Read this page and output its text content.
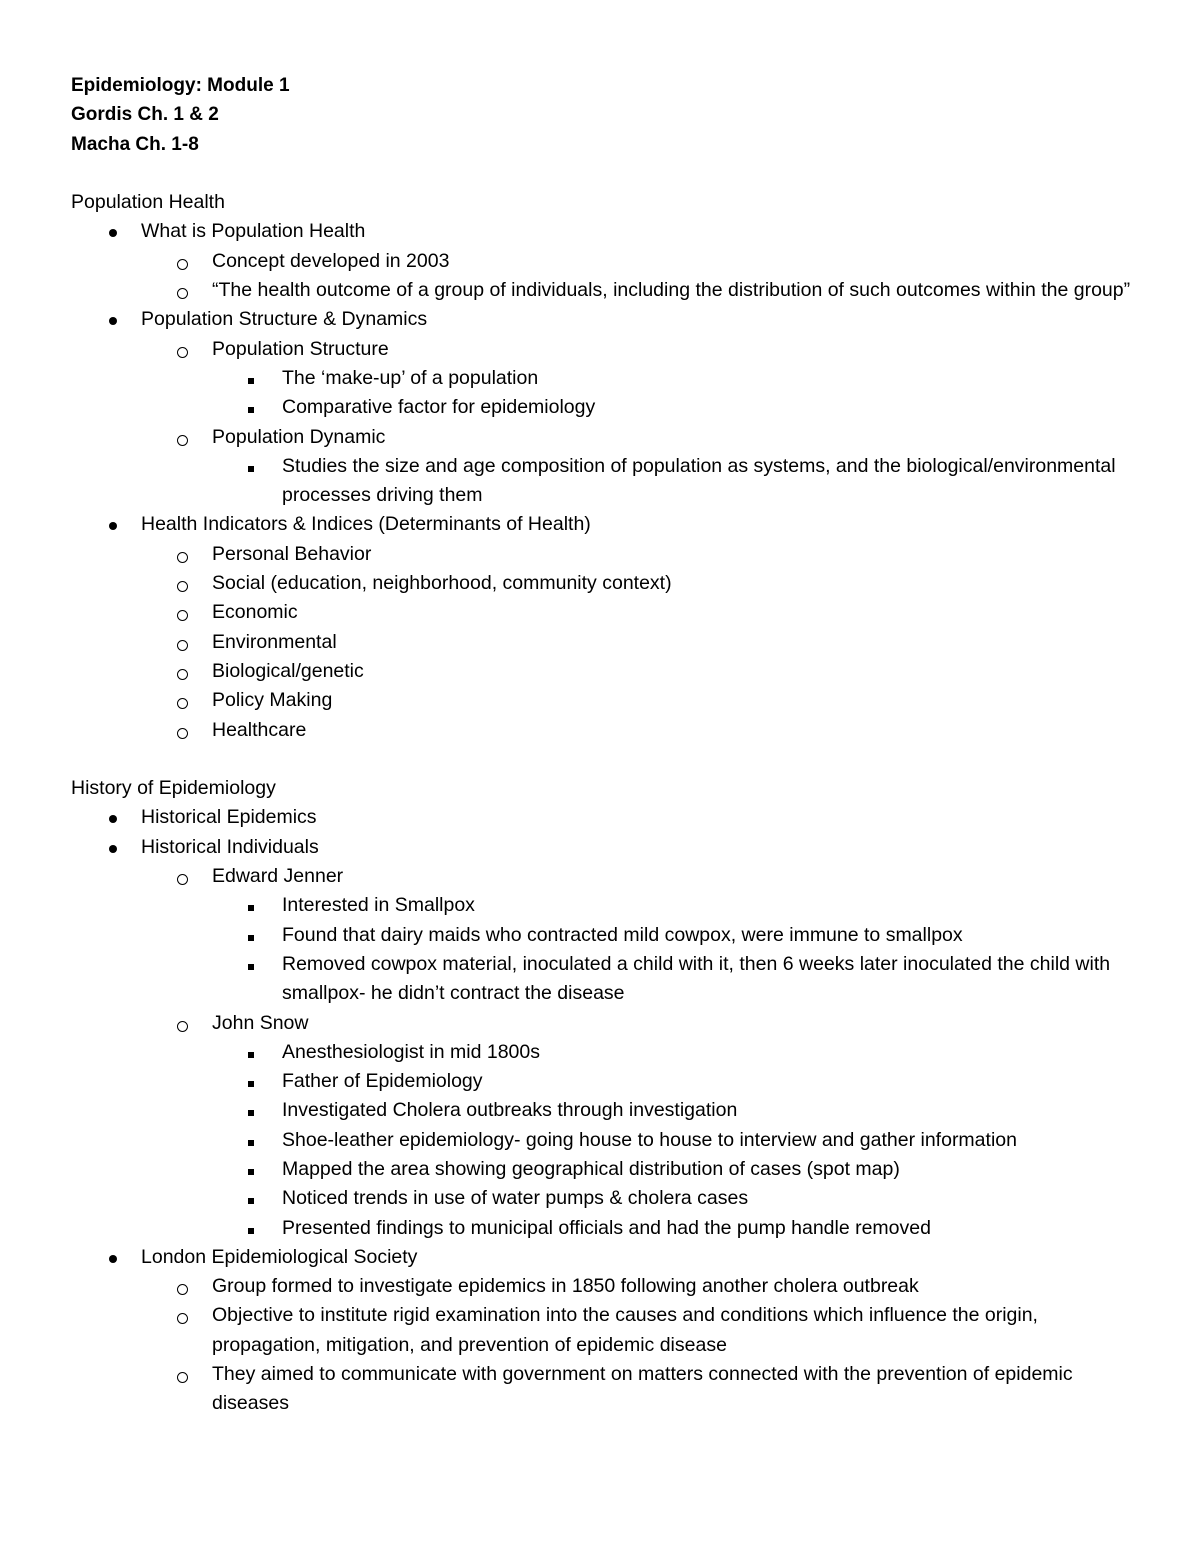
Epidemiology: Module 1
Gordis Ch. 1 & 2
Macha Ch. 1-8
Population Health
What is Population Health
Concept developed in 2003
“The health outcome of a group of individuals, including the distribution of such outcomes within the group”
Population Structure & Dynamics
Population Structure
The ‘make-up’ of a population
Comparative factor for epidemiology
Population Dynamic
Studies the size and age composition of population as systems, and the biological/environmental processes driving them
Health Indicators & Indices (Determinants of Health)
Personal Behavior
Social (education, neighborhood, community context)
Economic
Environmental
Biological/genetic
Policy Making
Healthcare
History of Epidemiology
Historical Epidemics
Historical Individuals
Edward Jenner
Interested in Smallpox
Found that dairy maids who contracted mild cowpox, were immune to smallpox
Removed cowpox material, inoculated a child with it, then 6 weeks later inoculated the child with smallpox- he didn’t contract the disease
John Snow
Anesthesiologist in mid 1800s
Father of Epidemiology
Investigated Cholera outbreaks through investigation
Shoe-leather epidemiology- going house to house to interview and gather information
Mapped the area showing geographical distribution of cases (spot map)
Noticed trends in use of water pumps & cholera cases
Presented findings to municipal officials and had the pump handle removed
London Epidemiological Society
Group formed to investigate epidemics in 1850 following another cholera outbreak
Objective to institute rigid examination into the causes and conditions which influence the origin, propagation, mitigation, and prevention of epidemic disease
They aimed to communicate with government on matters connected with the prevention of epidemic diseases
